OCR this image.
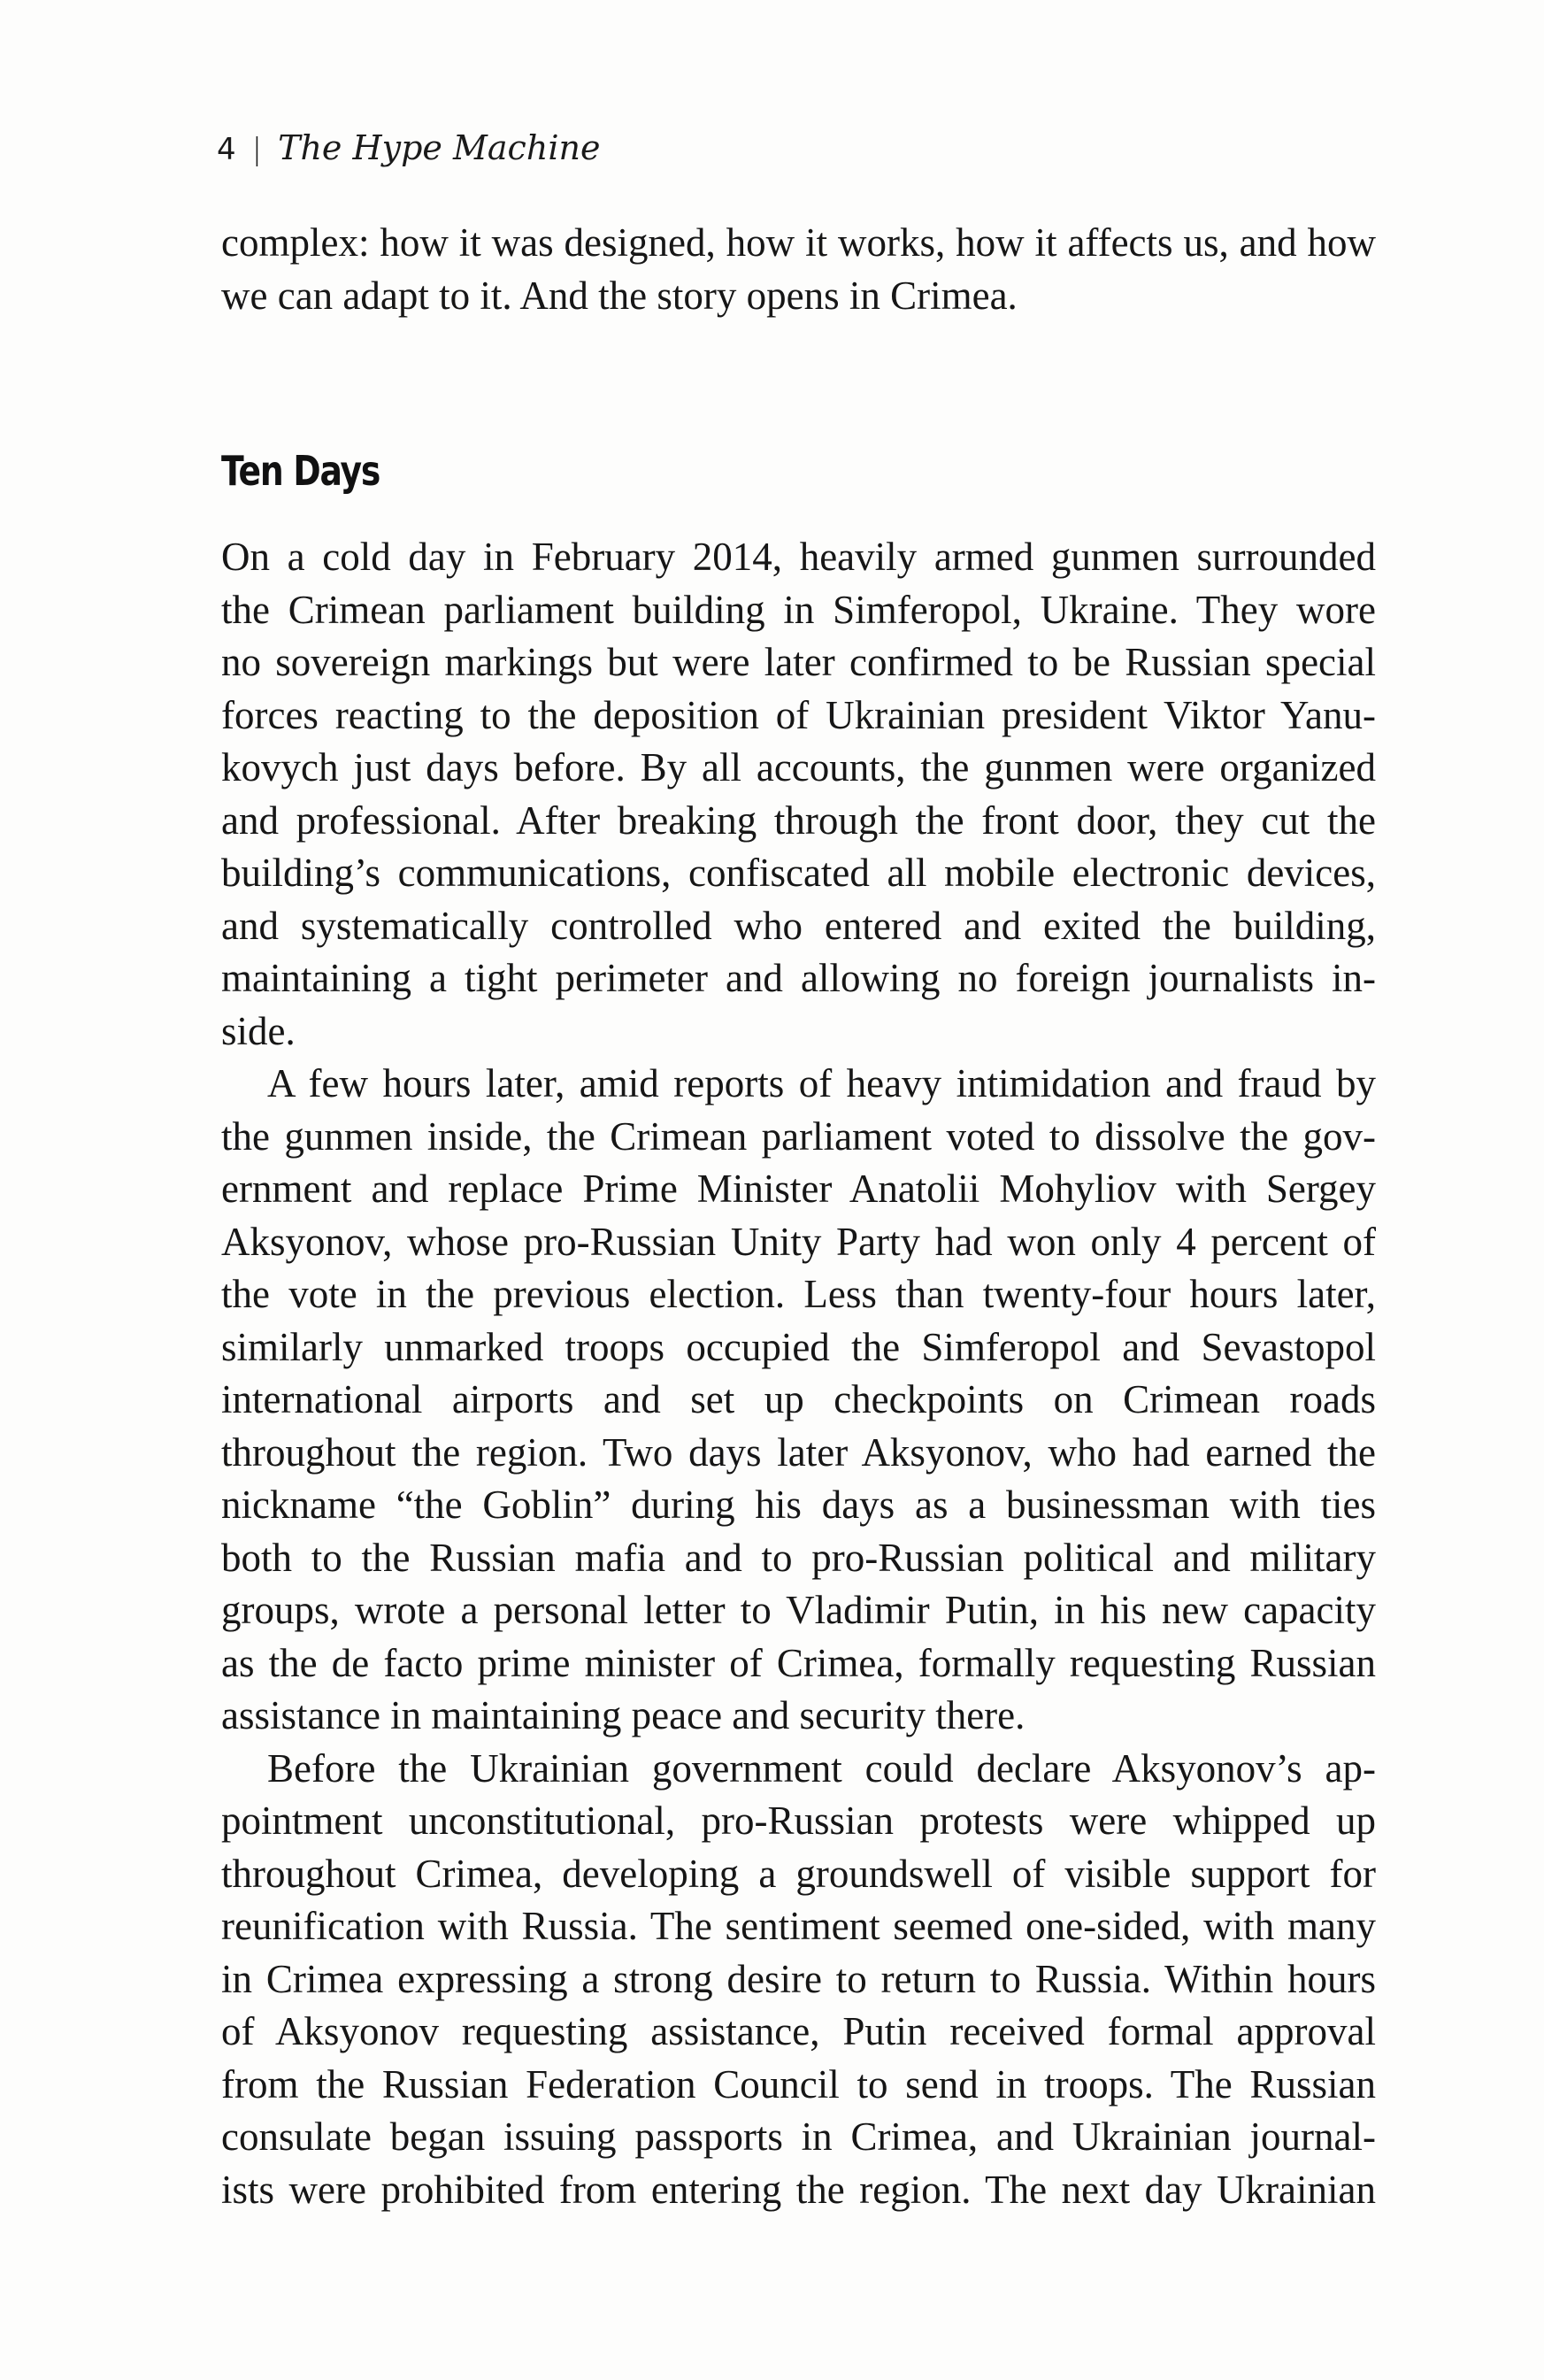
4 | The Hype Machine
complex: how it was designed, how it works, how it affects us, and how
we can adapt to it. And the story opens in Crimea.
Ten Days
On a cold day in February 2014, heavily armed gunmen surrounded
the Crimean parliament building in Simferopol, Ukraine. They wore
no sovereign markings but were later confirmed to be Russian special
forces reacting to the deposition of Ukrainian president Viktor Yanu-
kovych just days before. By all accounts, the gunmen were organized
and professional. After breaking through the front door, they cut the
building’s communications, confiscated all mobile electronic devices,
and systematically controlled who entered and exited the building,
maintaining a tight perimeter and allowing no foreign journalists in-
side.
A few hours later, amid reports of heavy intimidation and fraud by
the gunmen inside, the Crimean parliament voted to dissolve the gov-
ernment and replace Prime Minister Anatolii Mohyliov with Sergey
Aksyonov, whose pro-Russian Unity Party had won only 4 percent of
the vote in the previous election. Less than twenty-four hours later,
similarly unmarked troops occupied the Simferopol and Sevastopol
international airports and set up checkpoints on Crimean roads
throughout the region. Two days later Aksyonov, who had earned the
nickname “the Goblin” during his days as a businessman with ties
both to the Russian mafia and to pro-Russian political and military
groups, wrote a personal letter to Vladimir Putin, in his new capacity
as the de facto prime minister of Crimea, formally requesting Russian
assistance in maintaining peace and security there.
Before the Ukrainian government could declare Aksyonov’s ap-
pointment unconstitutional, pro-Russian protests were whipped up
throughout Crimea, developing a groundswell of visible support for
reunification with Russia. The sentiment seemed one-sided, with many
in Crimea expressing a strong desire to return to Russia. Within hours
of Aksyonov requesting assistance, Putin received formal approval
from the Russian Federation Council to send in troops. The Russian
consulate began issuing passports in Crimea, and Ukrainian journal-
ists were prohibited from entering the region. The next day Ukrainian
